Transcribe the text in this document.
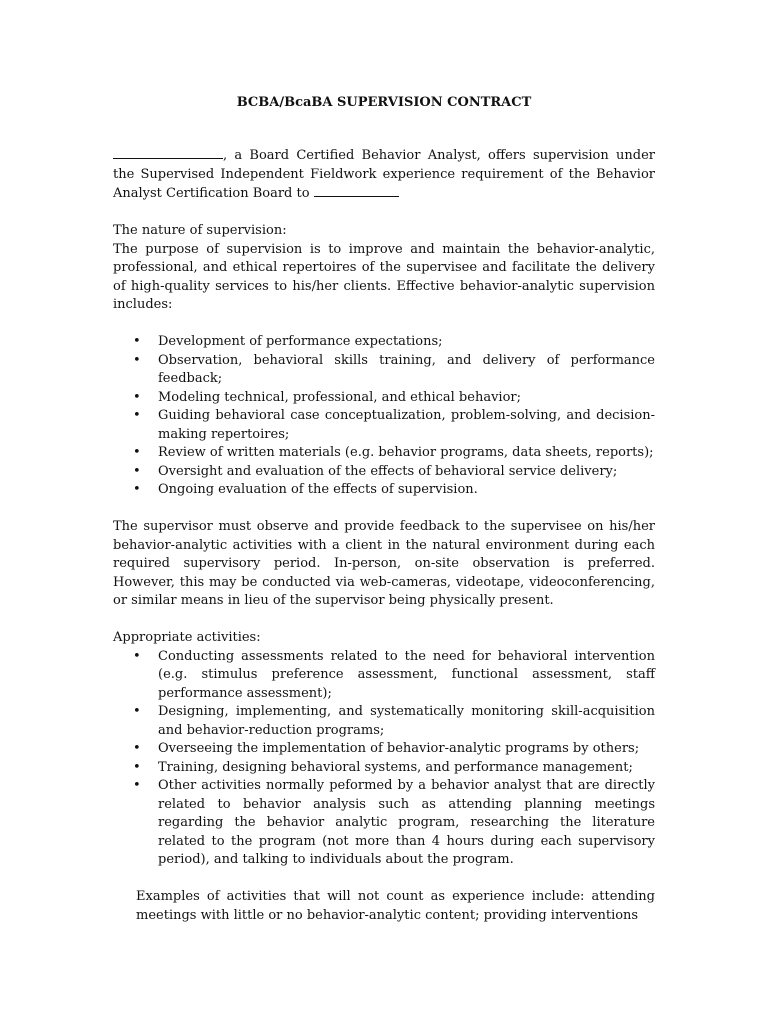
BCBA/BcaBA SUPERVISION CONTRACT

, a Board Certified Behavior Analyst, offers supervision under the Supervised Independent Fieldwork experience requirement of the Behavior Analyst Certification Board to

The nature of supervision:

The purpose of supervision is to improve and maintain the behavior-analytic, professional, and ethical repertoires of the supervisee and facilitate the delivery of high-quality services to his/her clients. Effective behavior-analytic supervision includes:

• Development of performance expectations;
• Observation, behavioral skills training, and delivery of performance feedback;
• Modeling technical, professional, and ethical behavior;
• Guiding behavioral case conceptualization, problem-solving, and decision-making repertoires;
• Review of written materials (e.g. behavior programs, data sheets, reports);
• Oversight and evaluation of the effects of behavioral service delivery;
• Ongoing evaluation of the effects of supervision.

The supervisor must observe and provide feedback to the supervisee on his/her behavior-analytic activities with a client in the natural environment during each required supervisory period. In-person, on-site observation is preferred. However, this may be conducted via web-cameras, videotape, videoconferencing, or similar means in lieu of the supervisor being physically present.

Appropriate activities:

• Conducting assessments related to the need for behavioral intervention (e.g. stimulus preference assessment, functional assessment, staff performance assessment);
• Designing, implementing, and systematically monitoring skill-acquisition and behavior-reduction programs;
• Overseeing the implementation of behavior-analytic programs by others;
• Training, designing behavioral systems, and performance management;
• Other activities normally peformed by a behavior analyst that are directly related to behavior analysis such as attending planning meetings regarding the behavior analytic program, researching the literature related to the program (not more than 4 hours during each supervisory period), and talking to individuals about the program.

Examples of activities that will not count as experience include: attending meetings with little or no behavior-analytic content; providing interventions
